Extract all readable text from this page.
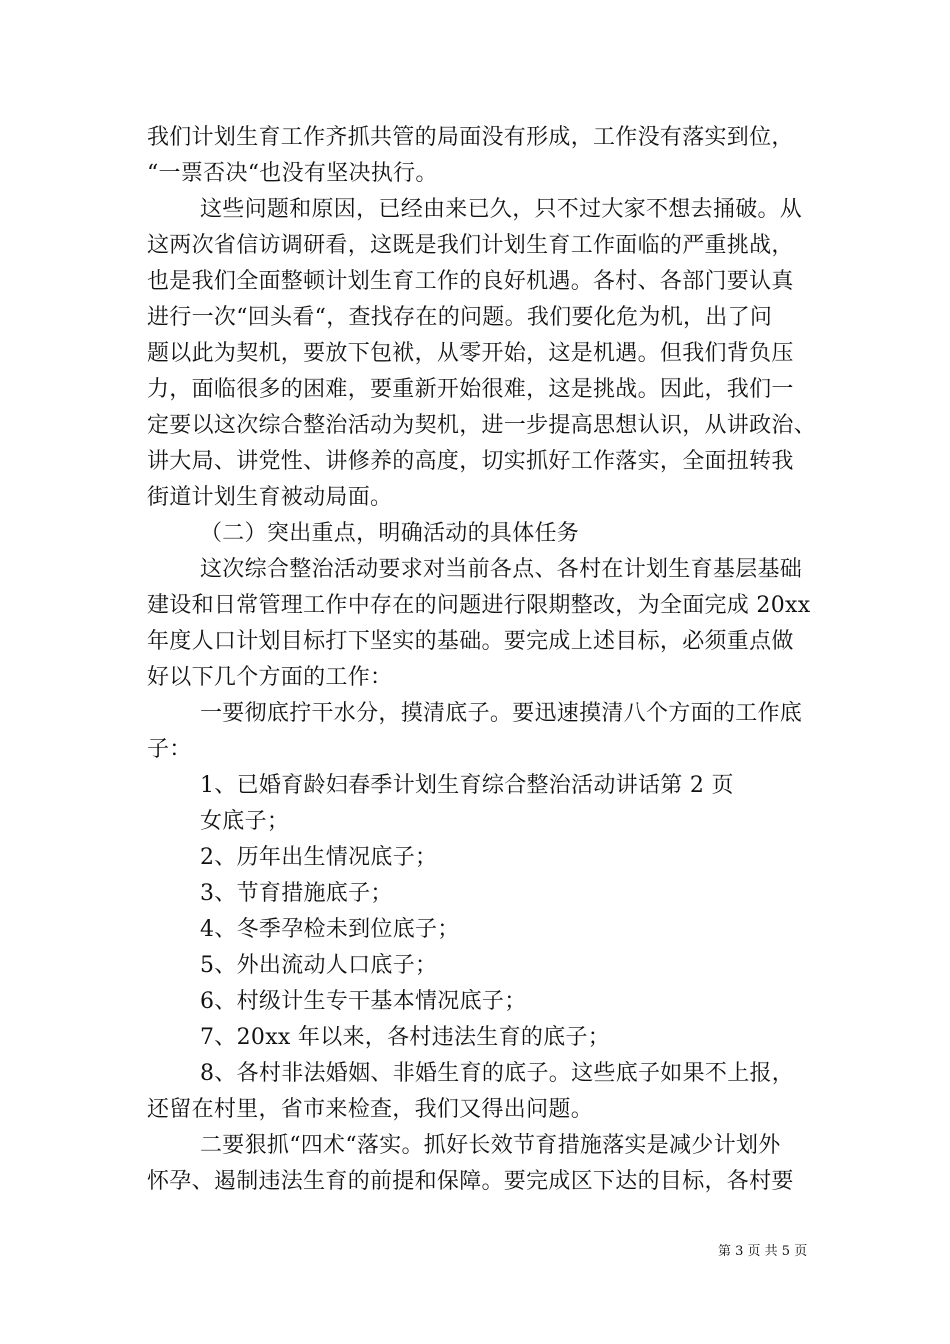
我们计划生育工作齐抓共管的局面没有形成，工作没有落实到位，
“一票否决“也没有坚决执行。
这些问题和原因，已经由来已久，只不过大家不想去捅破。从
这两次省信访调研看，这既是我们计划生育工作面临的严重挑战，
也是我们全面整顿计划生育工作的良好机遇。各村、各部门要认真
进行一次“回头看“，查找存在的问题。我们要化危为机，出了问
题以此为契机，要放下包袱，从零开始，这是机遇。但我们背负压
力，面临很多的困难，要重新开始很难，这是挑战。因此，我们一
定要以这次综合整治活动为契机，进一步提高思想认识，从讲政治、
讲大局、讲党性、讲修养的高度，切实抓好工作落实，全面扭转我
街道计划生育被动局面。
（二）突出重点，明确活动的具体任务
这次综合整治活动要求对当前各点、各村在计划生育基层基础
建设和日常管理工作中存在的问题进行限期整改，为全面完成 20xx
年度人口计划目标打下坚实的基础。要完成上述目标，必须重点做
好以下几个方面的工作：
一要彻底拧干水分，摸清底子。要迅速摸清八个方面的工作底
子：
1、已婚育龄妇春季计划生育综合整治活动讲话第 2 页
女底子；
2、历年出生情况底子；
3、节育措施底子；
4、冬季孕检未到位底子；
5、外出流动人口底子；
6、村级计生专干基本情况底子；
7、20xx 年以来，各村违法生育的底子；
8、各村非法婚姻、非婚生育的底子。这些底子如果不上报，
还留在村里，省市来检查，我们又得出问题。
二要狠抓“四术“落实。抓好长效节育措施落实是减少计划外
怀孕、遏制违法生育的前提和保障。要完成区下达的目标，各村要
第 3 页 共 5 页
